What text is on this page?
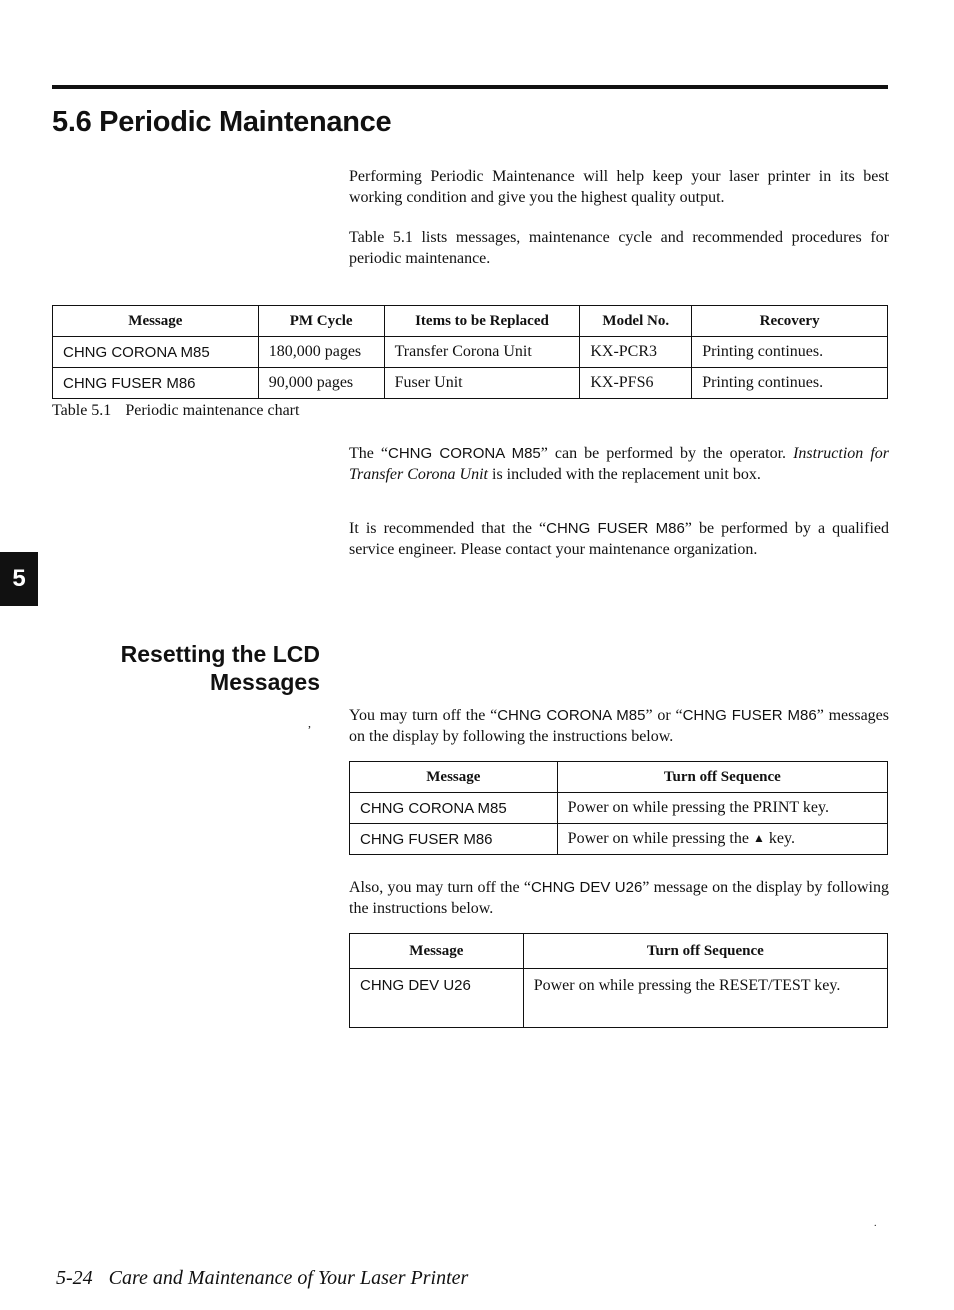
5.6 Periodic Maintenance

Performing Periodic Maintenance will help keep your laser printer in its best working condition and give you the highest quality output.

Table 5.1 lists messages, maintenance cycle and recommended procedures for periodic maintenance.

Message	PM Cycle	Items to be Replaced	Model No.	Recovery
CHNG CORONA M85	180,000 pages	Transfer Corona Unit	KX-PCR3	Printing continues.
CHNG FUSER M86	90,000 pages	Fuser Unit	KX-PFS6	Printing continues.

Table 5.1 Periodic maintenance chart

The “CHNG CORONA M85” can be performed by the operator. Instruction for Transfer Corona Unit is included with the replacement unit box.

It is recommended that the “CHNG FUSER M86” be performed by a qualified service engineer. Please contact your maintenance organization.

5
Resetting the LCD
Messages
, You may turn off the “CHNG CORONA M85” or “CHNG FUSER M86” messages on the display by following the instructions below.

Message	Turn off Sequence
CHNG CORONA M85	Power on while pressing the PRINT key.
CHNG FUSER M86	Power on while pressing the ▲ key.

Also, you may turn off the “CHNG DEV U26” message on the display by following the instructions below.

Message	Turn off Sequence
CHNG DEV U26	Power on while pressing the RESET/TEST key.
.

5-24 Care and Maintenance of Your Laser Printer
